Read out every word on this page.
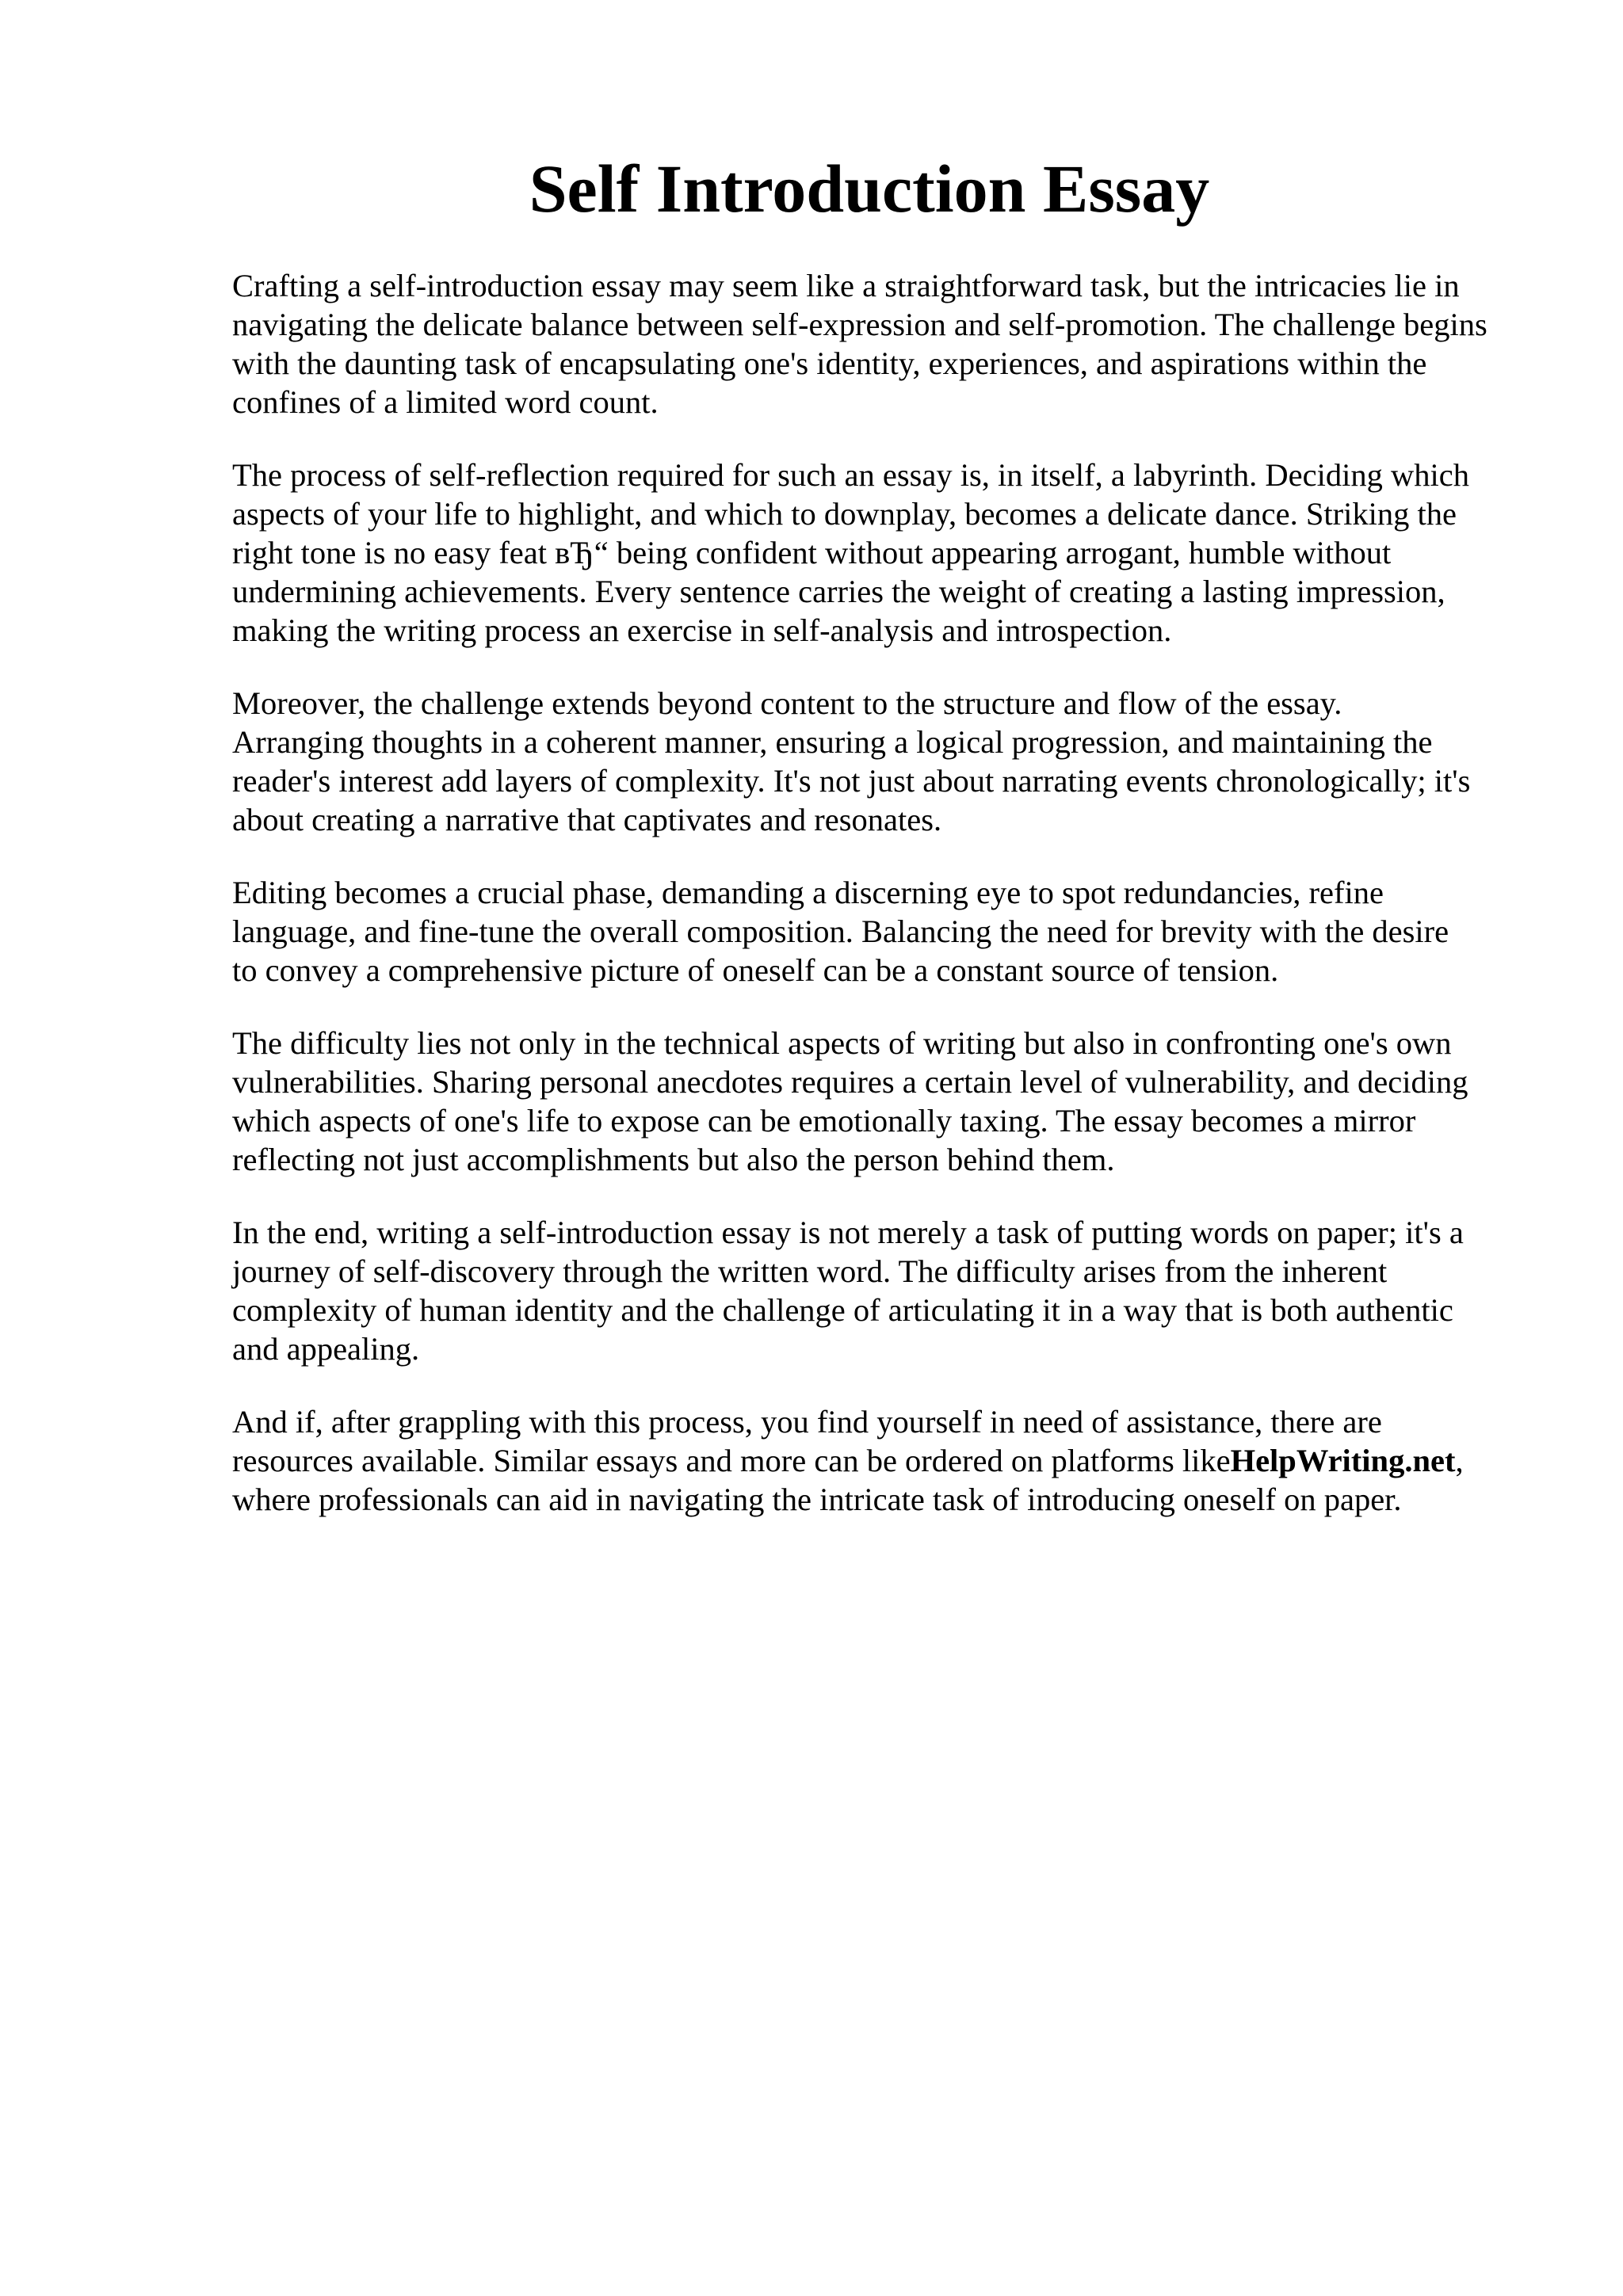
Self Introduction Essay

Crafting a self-introduction essay may seem like a straightforward task, but the intricacies lie in
navigating the delicate balance between self-expression and self-promotion. The challenge begins
with the daunting task of encapsulating one's identity, experiences, and aspirations within the
confines of a limited word count.

The process of self-reflection required for such an essay is, in itself, a labyrinth. Deciding which
aspects of your life to highlight, and which to downplay, becomes a delicate dance. Striking the
right tone is no easy feat вЂ“ being confident without appearing arrogant, humble without
undermining achievements. Every sentence carries the weight of creating a lasting impression,
making the writing process an exercise in self-analysis and introspection.

Moreover, the challenge extends beyond content to the structure and flow of the essay.
Arranging thoughts in a coherent manner, ensuring a logical progression, and maintaining the
reader's interest add layers of complexity. It's not just about narrating events chronologically; it's
about creating a narrative that captivates and resonates.

Editing becomes a crucial phase, demanding a discerning eye to spot redundancies, refine
language, and fine-tune the overall composition. Balancing the need for brevity with the desire
to convey a comprehensive picture of oneself can be a constant source of tension.

The difficulty lies not only in the technical aspects of writing but also in confronting one's own
vulnerabilities. Sharing personal anecdotes requires a certain level of vulnerability, and deciding
which aspects of one's life to expose can be emotionally taxing. The essay becomes a mirror
reflecting not just accomplishments but also the person behind them.

In the end, writing a self-introduction essay is not merely a task of putting words on paper; it's a
journey of self-discovery through the written word. The difficulty arises from the inherent
complexity of human identity and the challenge of articulating it in a way that is both authentic
and appealing.

And if, after grappling with this process, you find yourself in need of assistance, there are
resources available. Similar essays and more can be ordered on platforms likeHelpWriting.net,
where professionals can aid in navigating the intricate task of introducing oneself on paper.
